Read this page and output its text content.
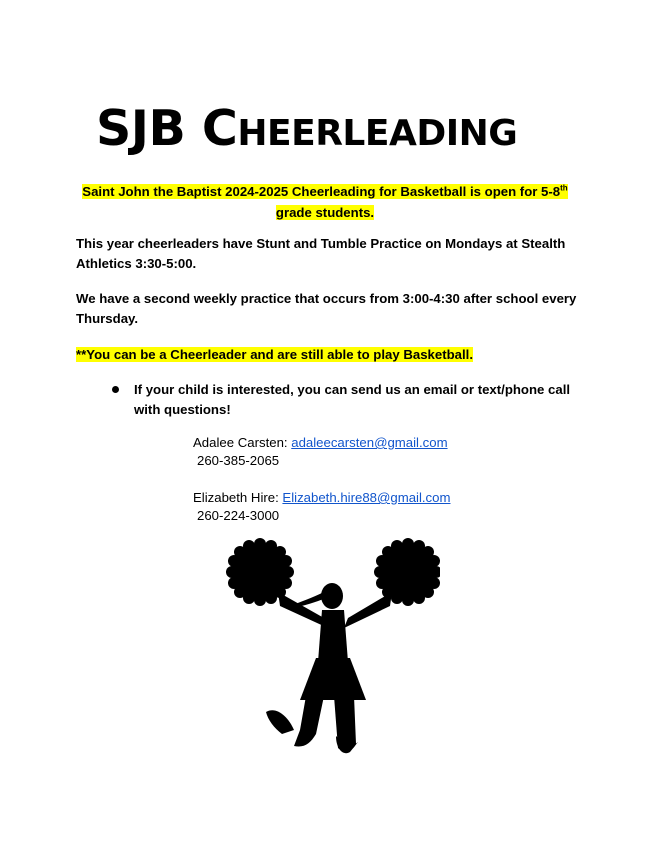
SJB CHEERLEADING
Saint John the Baptist 2024-2025 Cheerleading for Basketball is open for 5-8th
grade students.

This year cheerleaders have Stunt and Tumble Practice on Mondays at Stealth Athletics 3:30-5:00.

We have a second weekly practice that occurs from 3:00-4:30 after school every Thursday.

**You can be a Cheerleader and are still able to play Basketball.

If your child is interested, you can send us an email or text/phone call with questions!
Adalee Carsten: adaleecarsten@gmail.com
260-385-2065
Elizabeth Hire: Elizabeth.hire88@gmail.com
260-224-3000
